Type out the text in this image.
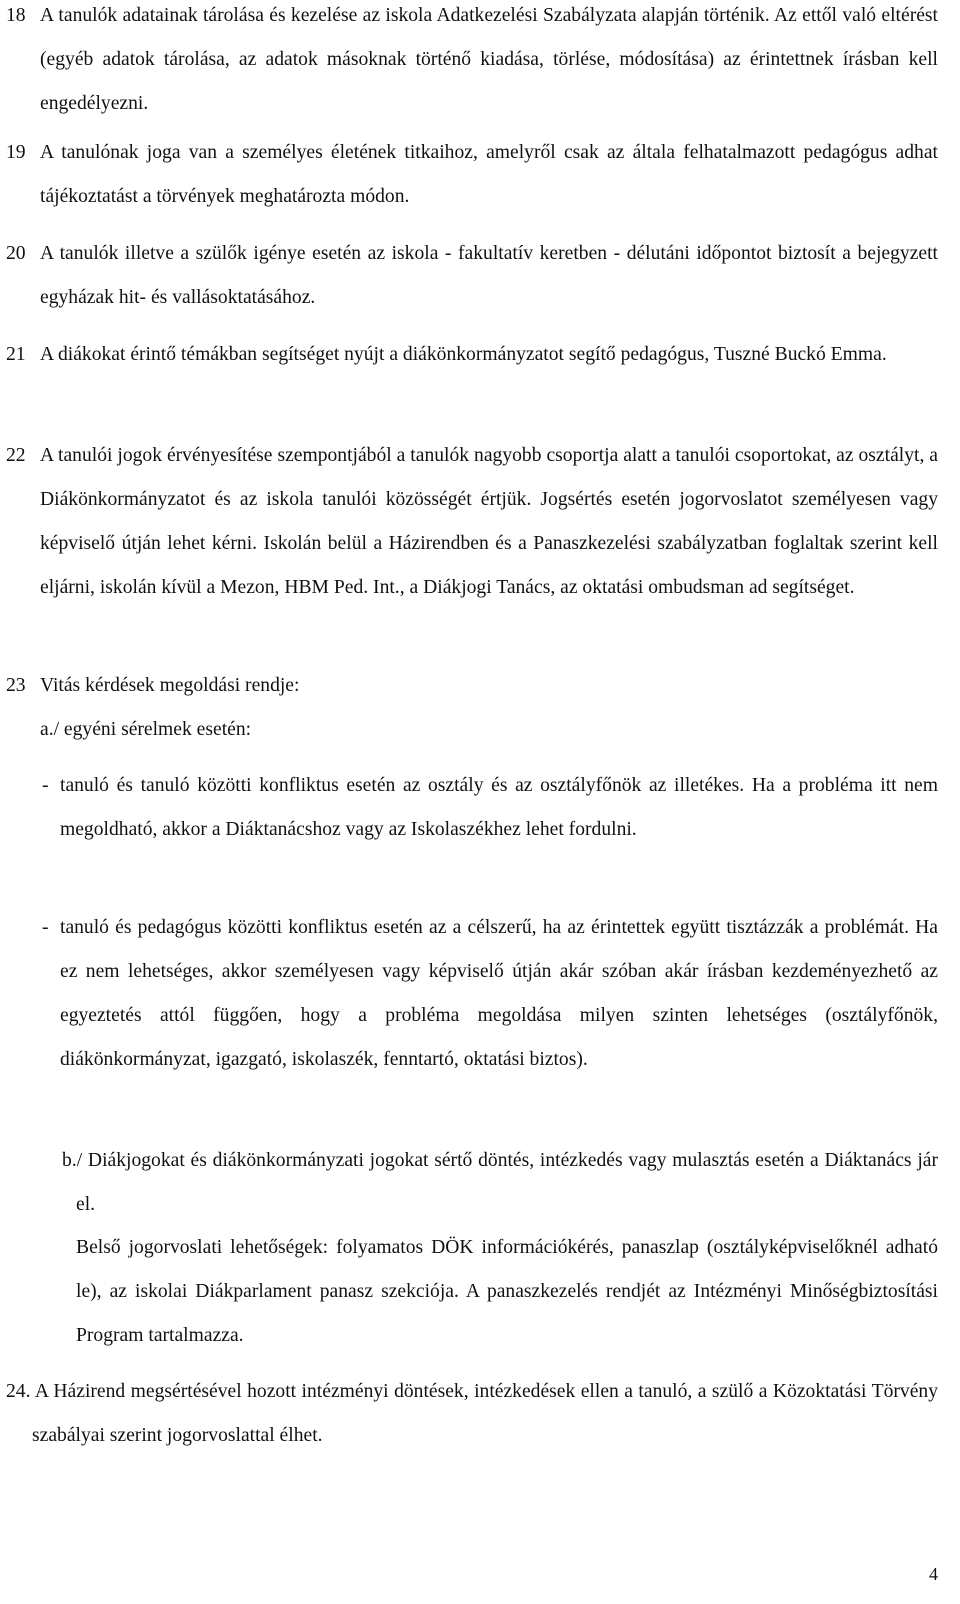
18 A tanulók adatainak tárolása és kezelése az iskola Adatkezelési Szabályzata alapján történik. Az ettől való eltérést (egyéb adatok tárolása, az adatok másoknak történő kiadása, törlése, módosítása) az érintettnek írásban kell engedélyezni.
19 A tanulónak joga van a személyes életének titkaihoz, amelyről csak az általa felhatalmazott pedagógus adhat tájékoztatást a törvények meghatározta módon.
20 A tanulók illetve a szülők igénye esetén az iskola - fakultatív keretben - délutáni időpontot biztosít a bejegyzett egyházak hit- és vallásoktatásához.
21 A diákokat érintő témákban segítséget nyújt a diákönkormányzatot segítő pedagógus, Tuszné Buckó Emma.
22 A tanulói jogok érvényesítése szempontjából a tanulók nagyobb csoportja alatt a tanulói csoportokat, az osztályt, a Diákönkormányzatot és az iskola tanulói közösségét értjük. Jogsértés esetén jogorvoslatot személyesen vagy képviselő útján lehet kérni. Iskolán belül a Házirendben és a Panaszkezelési szabályzatban foglaltak szerint kell eljárni, iskolán kívül a Mezon, HBM Ped. Int., a Diákjogi Tanács, az oktatási ombudsman ad segítséget.
23 Vitás kérdések megoldási rendje:
a./ egyéni sérelmek esetén:
- tanuló és tanuló közötti konfliktus esetén az osztály és az osztályfőnök az illetékes. Ha a probléma itt nem megoldható, akkor a Diáktanácshoz vagy az Iskolaszékhez lehet fordulni.
- tanuló és pedagógus közötti konfliktus esetén az a célszerű, ha az érintettek együtt tisztázzák a problémát. Ha ez nem lehetséges, akkor személyesen vagy képviselő útján akár szóban akár írásban kezdeményezhető az egyeztetés attól függően, hogy a probléma megoldása milyen szinten lehetséges (osztályfőnök, diákönkormányzat, igazgató, iskolaszék, fenntartó, oktatási biztos).
b./ Diákjogokat és diákönkormányzati jogokat sértő döntés, intézkedés vagy mulasztás esetén a Diáktanács jár el.
Belső jogorvoslati lehetőségek: folyamatos DÖK információkérés, panaszlap (osztályképviselőknél adható le), az iskolai Diákparlament panasz szekciója. A panaszkezelés rendjét az Intézményi Minőségbiztosítási Program tartalmazza.
24. A Házirend megsértésével hozott intézményi döntések, intézkedések ellen a tanuló, a szülő a Közoktatási Törvény szabályai szerint jogorvoslattal élhet.
4
